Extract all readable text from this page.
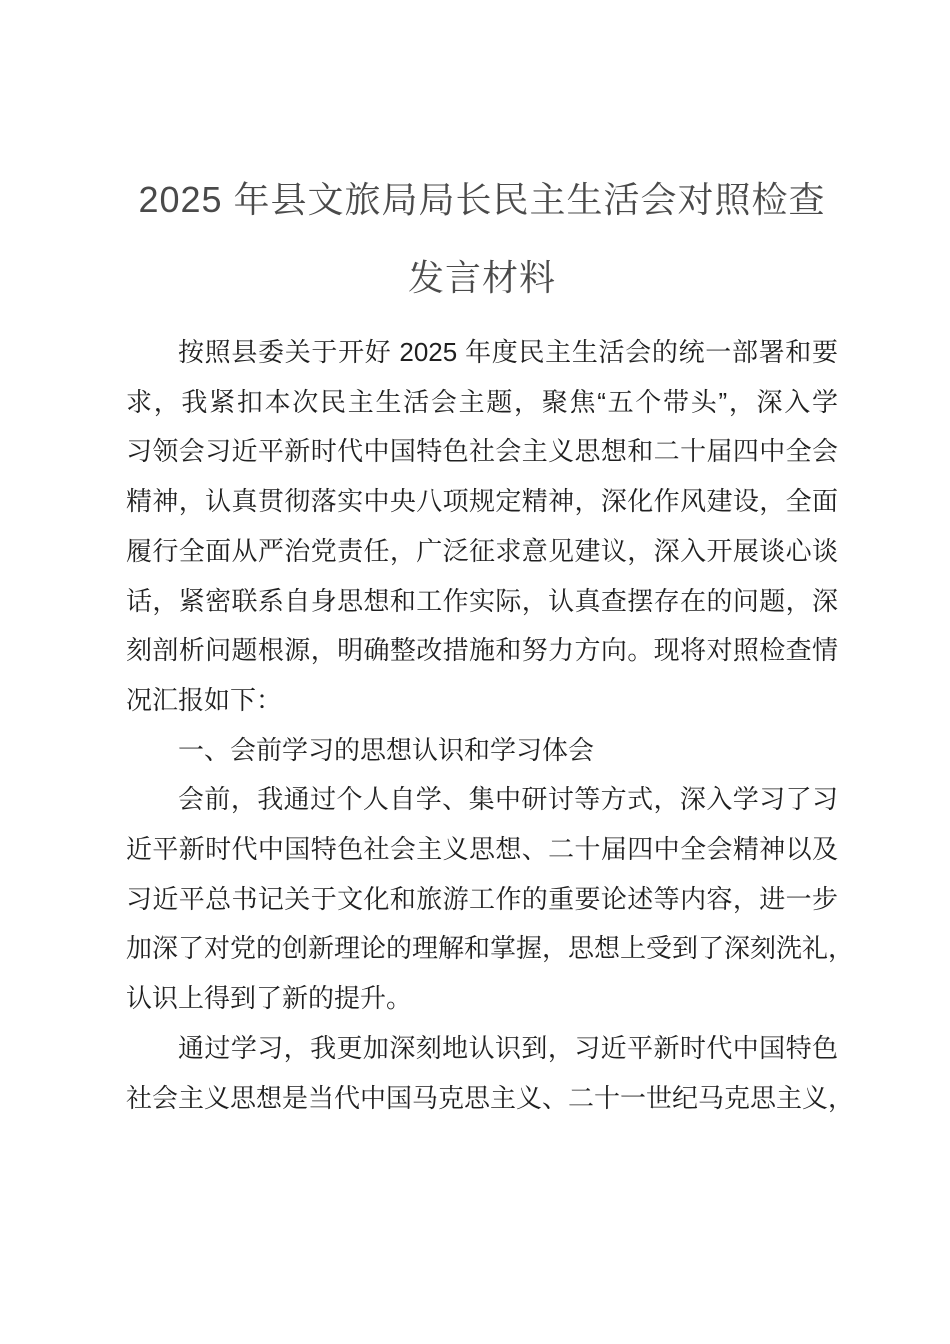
2025 年县文旅局局长民主生活会对照检查
发言材料
按照县委关于开好 2025 年度民主生活会的统一部署和要
求，我紧扣本次民主生活会主题，聚焦“五个带头”，深入学
习领会习近平新时代中国特色社会主义思想和二十届四中全会
精神，认真贯彻落实中央八项规定精神，深化作风建设，全面
履行全面从严治党责任，广泛征求意见建议，深入开展谈心谈
话，紧密联系自身思想和工作实际，认真查摆存在的问题，深
刻剖析问题根源，明确整改措施和努力方向。现将对照检查情
况汇报如下：
一、会前学习的思想认识和学习体会
会前，我通过个人自学、集中研讨等方式，深入学习了习
近平新时代中国特色社会主义思想、二十届四中全会精神以及
习近平总书记关于文化和旅游工作的重要论述等内容，进一步
加深了对党的创新理论的理解和掌握，思想上受到了深刻洗礼，
认识上得到了新的提升。
通过学习，我更加深刻地认识到，习近平新时代中国特色
社会主义思想是当代中国马克思主义、二十一世纪马克思主义，
